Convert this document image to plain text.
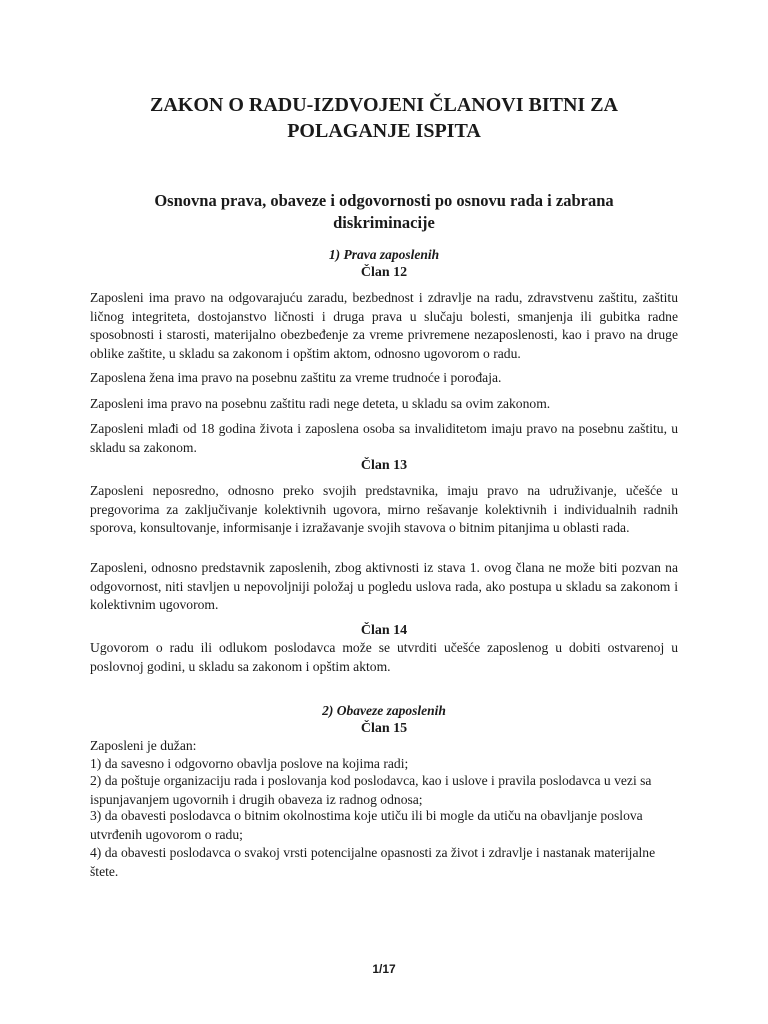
ZAKON O RADU-IZDVOJENI ČLANOVI BITNI ZA POLAGANJE ISPITA
Osnovna prava, obaveze i odgovornosti po osnovu rada i zabrana diskriminacije

1) Prava zaposlenih

Član 12

Zaposleni ima pravo na odgovarajuću zaradu, bezbednost i zdravlje na radu, zdravstvenu zaštitu, zaštitu ličnog integriteta, dostojanstvo ličnosti i druga prava u slučaju bolesti, smanjenja ili gubitka radne sposobnosti i starosti, materijalno obezbeđenje za vreme privremene nezaposlenosti, kao i pravo na druge oblike zaštite, u skladu sa zakonom i opštim aktom, odnosno ugovorom o radu.

Zaposlena žena ima pravo na posebnu zaštitu za vreme trudnoće i porođaja.

Zaposleni ima pravo na posebnu zaštitu radi nege deteta, u skladu sa ovim zakonom.

Zaposleni mlađi od 18 godina života i zaposlena osoba sa invaliditetom imaju pravo na posebnu zaštitu, u skladu sa zakonom.

Član 13

Zaposleni neposredno, odnosno preko svojih predstavnika, imaju pravo na udruživanje, učešće u pregovorima za zaključivanje kolektivnih ugovora, mirno rešavanje kolektivnih i individualnih radnih sporova, konsultovanje, informisanje i izražavanje svojih stavova o bitnim pitanjima u oblasti rada.

Zaposleni, odnosno predstavnik zaposlenih, zbog aktivnosti iz stava 1. ovog člana ne može biti pozvan na odgovornost, niti stavljen u nepovoljniji položaj u pogledu uslova rada, ako postupa u skladu sa zakonom i kolektivnim ugovorom.

Član 14

Ugovorom o radu ili odlukom poslodavca može se utvrditi učešće zaposlenog u dobiti ostvarenoj u poslovnoj godini, u skladu sa zakonom i opštim aktom.

2) Obaveze zaposlenih

Član 15

Zaposleni je dužan:

1) da savesno i odgovorno obavlja poslove na kojima radi;

2) da poštuje organizaciju rada i poslovanja kod poslodavca, kao i uslove i pravila poslodavca u vezi sa ispunjavanjem ugovornih i drugih obaveza iz radnog odnosa;

3) da obavesti poslodavca o bitnim okolnostima koje utiču ili bi mogle da utiču na obavljanje poslova utvrđenih ugovorom o radu;

4) da obavesti poslodavca o svakoj vrsti potencijalne opasnosti za život i zdravlje i nastanak materijalne štete.

1/17
